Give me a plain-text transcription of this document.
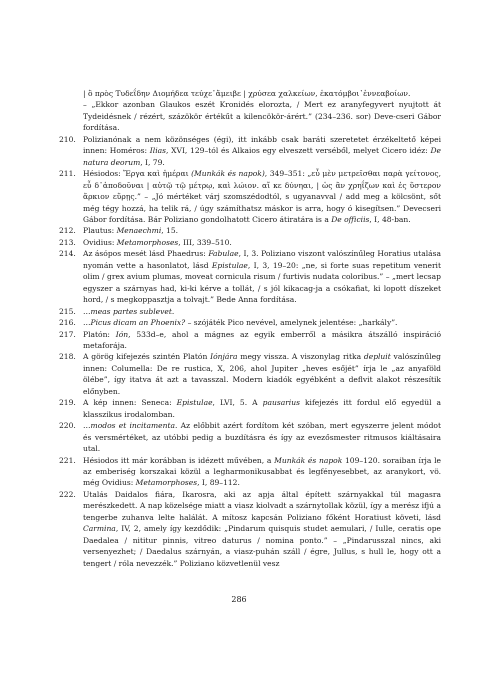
| ὃ πρὸς Τυδεΐδην Διομήδεα τεύχε᾽ἄμειβε | χρύσεα χαλκείων, ἑκατόμβοι᾽ἐννεαβοίων.
– „Ekkor azonban Glaukos eszét Kronidés elorozta, / Mert ez aranyfegyvert nyujtott át Tydeidésnek / rézért, százökör értékűt a kilencökör-árért.” (234–236. sor) Deve-cseri Gábor fordítása.
210. Polizianónak a nem közönséges (égi), itt inkább csak baráti szeretetet érzékeltető képei innen: Homéros: Ilias, XVI, 129–tól és Alkaios egy elveszett verséből, melyet Cicero idéz: De natura deorum, I, 79.
211. Hésiodos: Ἔργα καὶ ἡμέραι (Munkák és napok), 349–351: „εὖ μὲν μετρεῖσθαι παρὰ γείτονος, εὖ δ᾽ἀποδοῦναι | αὐτῷ τῷ μέτρῳ, καὶ λώιον. αἴ κε δύνηαι, | ὡς ἂν χρηΐζων καὶ ἐς ὕστερον ἄρκιον εὕρῃς.” – „Jó mértéket várj szomszédodtól, s ugyanavval / add meg a kölcsönt, sőt még tégy hozzá, ha telik rá, / úgy számíthatsz máskor is arra, hogy ó kisegítsen.” Devecseri Gábor fordítása. Bár Poliziano gondolhatott Cicero átiratára is a De officiis, I, 48-ban.
212. Plautus: Menaechmi, 15.
213. Ovidius: Metamorphoses, III, 339–510.
214. Az ásópos mesét lásd Phaedrus: Fabulae, I, 3. Poliziano viszont valószínűleg Horatius utalása nyomán vette a hasonlatot, lásd Epistulae, I, 3, 19–20: „ne, si forte suas repetitum venerit olim / grex avium plumas, moveat cornicula risum / furtivis nudata coloribus.” – „mert lecsap egyszer a szárnyas had, ki-ki kérve a tollát, / s jól kikacag-ja a csókafiat, ki lopott díszeket hord, / s megkoppasztja a tolvajt.” Bede Anna fordítása.
215. …meas partes sublevet.
216. …Picus dicam an Phoenix? – szójáték Pico nevével, amelynek jelentése: „harkály”.
217. Platón: Ión, 533d–e, ahol a mágnes az egyik emberről a másikra átszálló inspiráció metaforája.
218. A görög kifejezés szintén Platón Iónjára megy vissza. A viszonylag ritka depluit valószínűleg innen: Columella: De re rustica, X, 206, ahol Jupiter „heves esőjét” írja le „az anyaföld ölébe”, így itatva át azt a tavasszal. Modern kiadók egyébként a deflvit alakot részesítik előnyben.
219. A kép innen: Seneca: Epistulae, LVI, 5. A pausarius kifejezés itt fordul elő egyedül a klasszikus irodalomban.
220. …modos et incitamenta. Az előbbit azért fordítom két szóban, mert egyszerre jelent módot és versmértéket, az utóbbi pedig a buzdításra és így az evezősmester ritmusos kiáltásaira utal.
221. Hésiodos itt már korábban is idézett művében, a Munkák és napok 109–120. soraiban írja le az emberiség korszakai közül a legharmonikusabbat és legfényesebbet, az aranykort, vö. még Ovidius: Metamorphoses, I, 89–112.
222. Utalás Daidalos fiára, Ikarosra, aki az apja által épített szárnyakkal túl magasra merészkedett. A nap közelsége miatt a viasz kiolvadt a szárnytollak közül, így a merész ifjú a tengerbe zuhanva lelte halálát. A mítosz kapcsán Poliziano főként Horatiust követi, lásd Carmina, IV, 2, amely így kezdődik: „Pindarum quisquis studet aemulari, / Iulle, ceratis ope Daedalea / nititur pinnis, vitreo daturus / nomina ponto.” – „Pindarusszal nincs, aki versenyezhet; / Daedalus szárnyán, a viasz-puhán száll / égre, Jullus, s hull le, hogy ott a tengert / róla nevezzék.” Poliziano közvetlenül vesz
286
